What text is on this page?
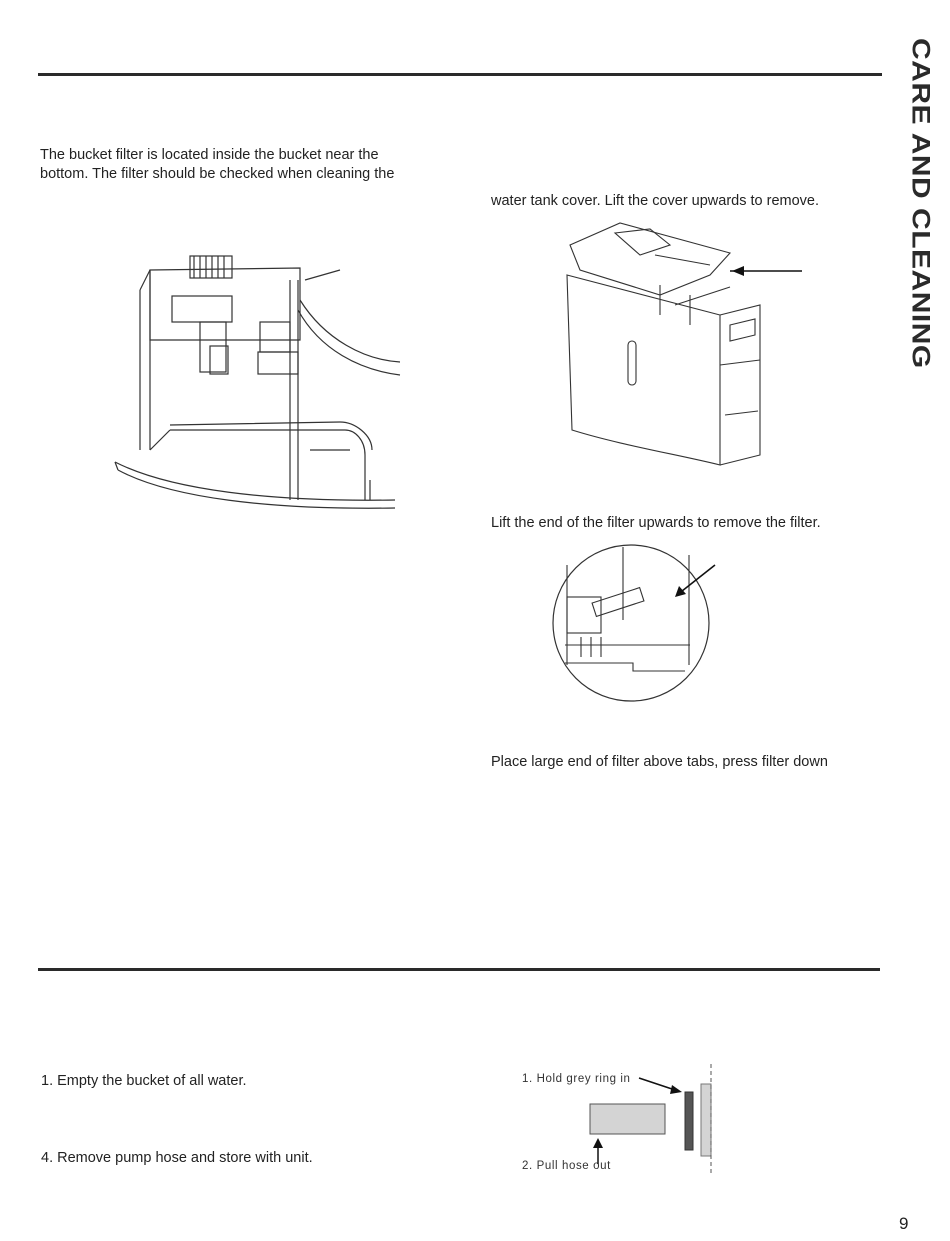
CARE AND CLEANING
The bucket filter is located inside the bucket near the
bottom. The filter should be checked when cleaning the
water tank cover. Lift the cover upwards to remove.
Lift the end of the filter upwards to remove the filter.
Place large end of filter above tabs, press filter down
1. Empty the bucket of all water.
4. Remove pump hose and store with unit.
1. Hold grey ring in
2. Pull hose out
9
